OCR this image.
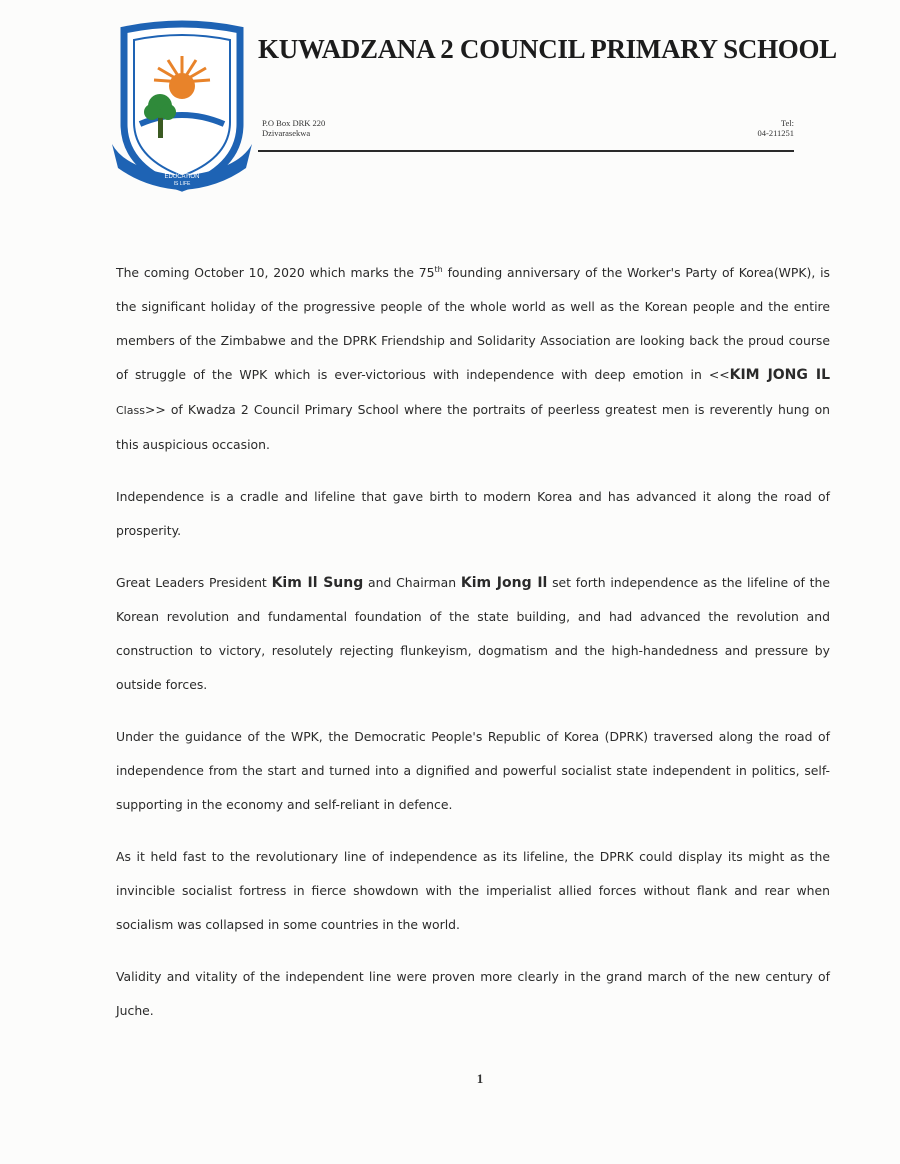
EDUCATION
IS LIFE
KUWADZANA 2 COUNCIL PRIMARY SCHOOL
P.O Box DRK 220
Dzivarasekwa
Tel:
04-211251

The coming October 10, 2020 which marks the 75th founding anniversary of the Worker's Party of Korea(WPK), is the significant holiday of the progressive people of the whole world as well as the Korean people and the entire members of the Zimbabwe and the DPRK Friendship and Solidarity Association are looking back the proud course of struggle of the WPK which is ever-victorious with independence with deep emotion in <<KIM JONG IL Class>> of Kwadza 2 Council Primary School where the portraits of peerless greatest men is reverently hung on this auspicious occasion.

Independence is a cradle and lifeline that gave birth to modern Korea and has advanced it along the road of prosperity.

Great Leaders President Kim Il Sung and Chairman Kim Jong Il set forth independence as the lifeline of the Korean revolution and fundamental foundation of the state building, and had advanced the revolution and construction to victory, resolutely rejecting flunkeyism, dogmatism and the high-handedness and pressure by outside forces.

Under the guidance of the WPK, the Democratic People's Republic of Korea (DPRK) traversed along the road of independence from the start and turned into a dignified and powerful socialist state independent in politics, self-supporting in the economy and self-reliant in defence.

As it held fast to the revolutionary line of independence as its lifeline, the DPRK could display its might as the invincible socialist fortress in fierce showdown with the imperialist allied forces without flank and rear when socialism was collapsed in some countries in the world.

Validity and vitality of the independent line were proven more clearly in the grand march of the new century of Juche.

1
